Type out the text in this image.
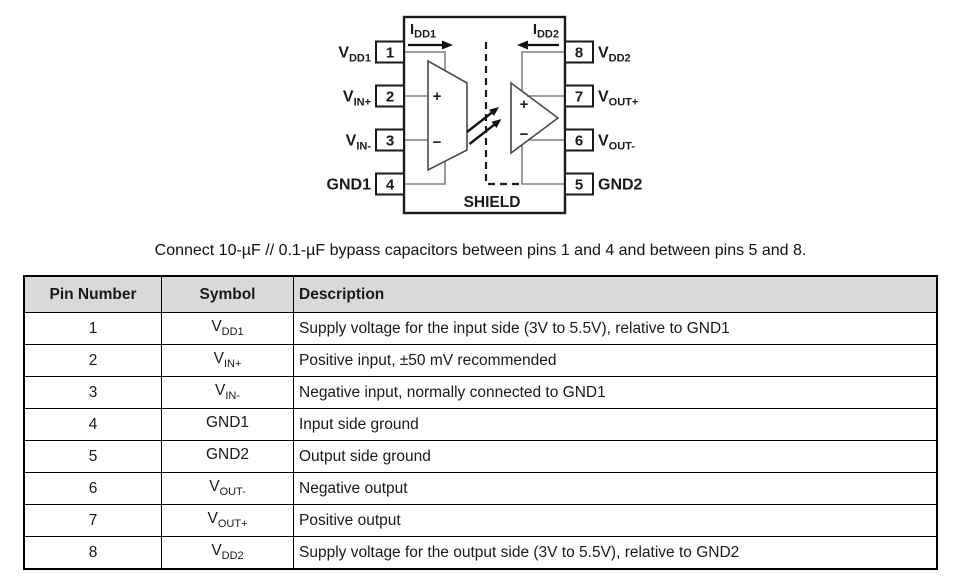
+
−
+
−
SHIELD
$I_{DD1}$	$I_{DD2}$
1
$V_{DD1}$
2
$V_{IN+}$
3
$V_{IN-}$
4
GND1
8 $V_{DD2}$
7 $V_{OUT+}$
6 $V_{OUT-}$
5 GND2
Connect 10-µF // 0.1-µF bypass capacitors between pins 1 and 4 and between pins 5 and 8.
Pin Number	Symbol	Description
1	$V_{DD1}$	Supply voltage for the input side (3V to 5.5V), relative to GND1
2	$V_{IN+}$	Positive input, ±50 mV recommended
3	$V_{IN-}$	Negative input, normally connected to GND1
4	GND1	Input side ground
5	GND2	Output side ground
6	$V_{OUT-}$	Negative output
7	$V_{OUT+}$	Positive output
8	$V_{DD2}$	Supply voltage for the output side (3V to 5.5V), relative to GND2
